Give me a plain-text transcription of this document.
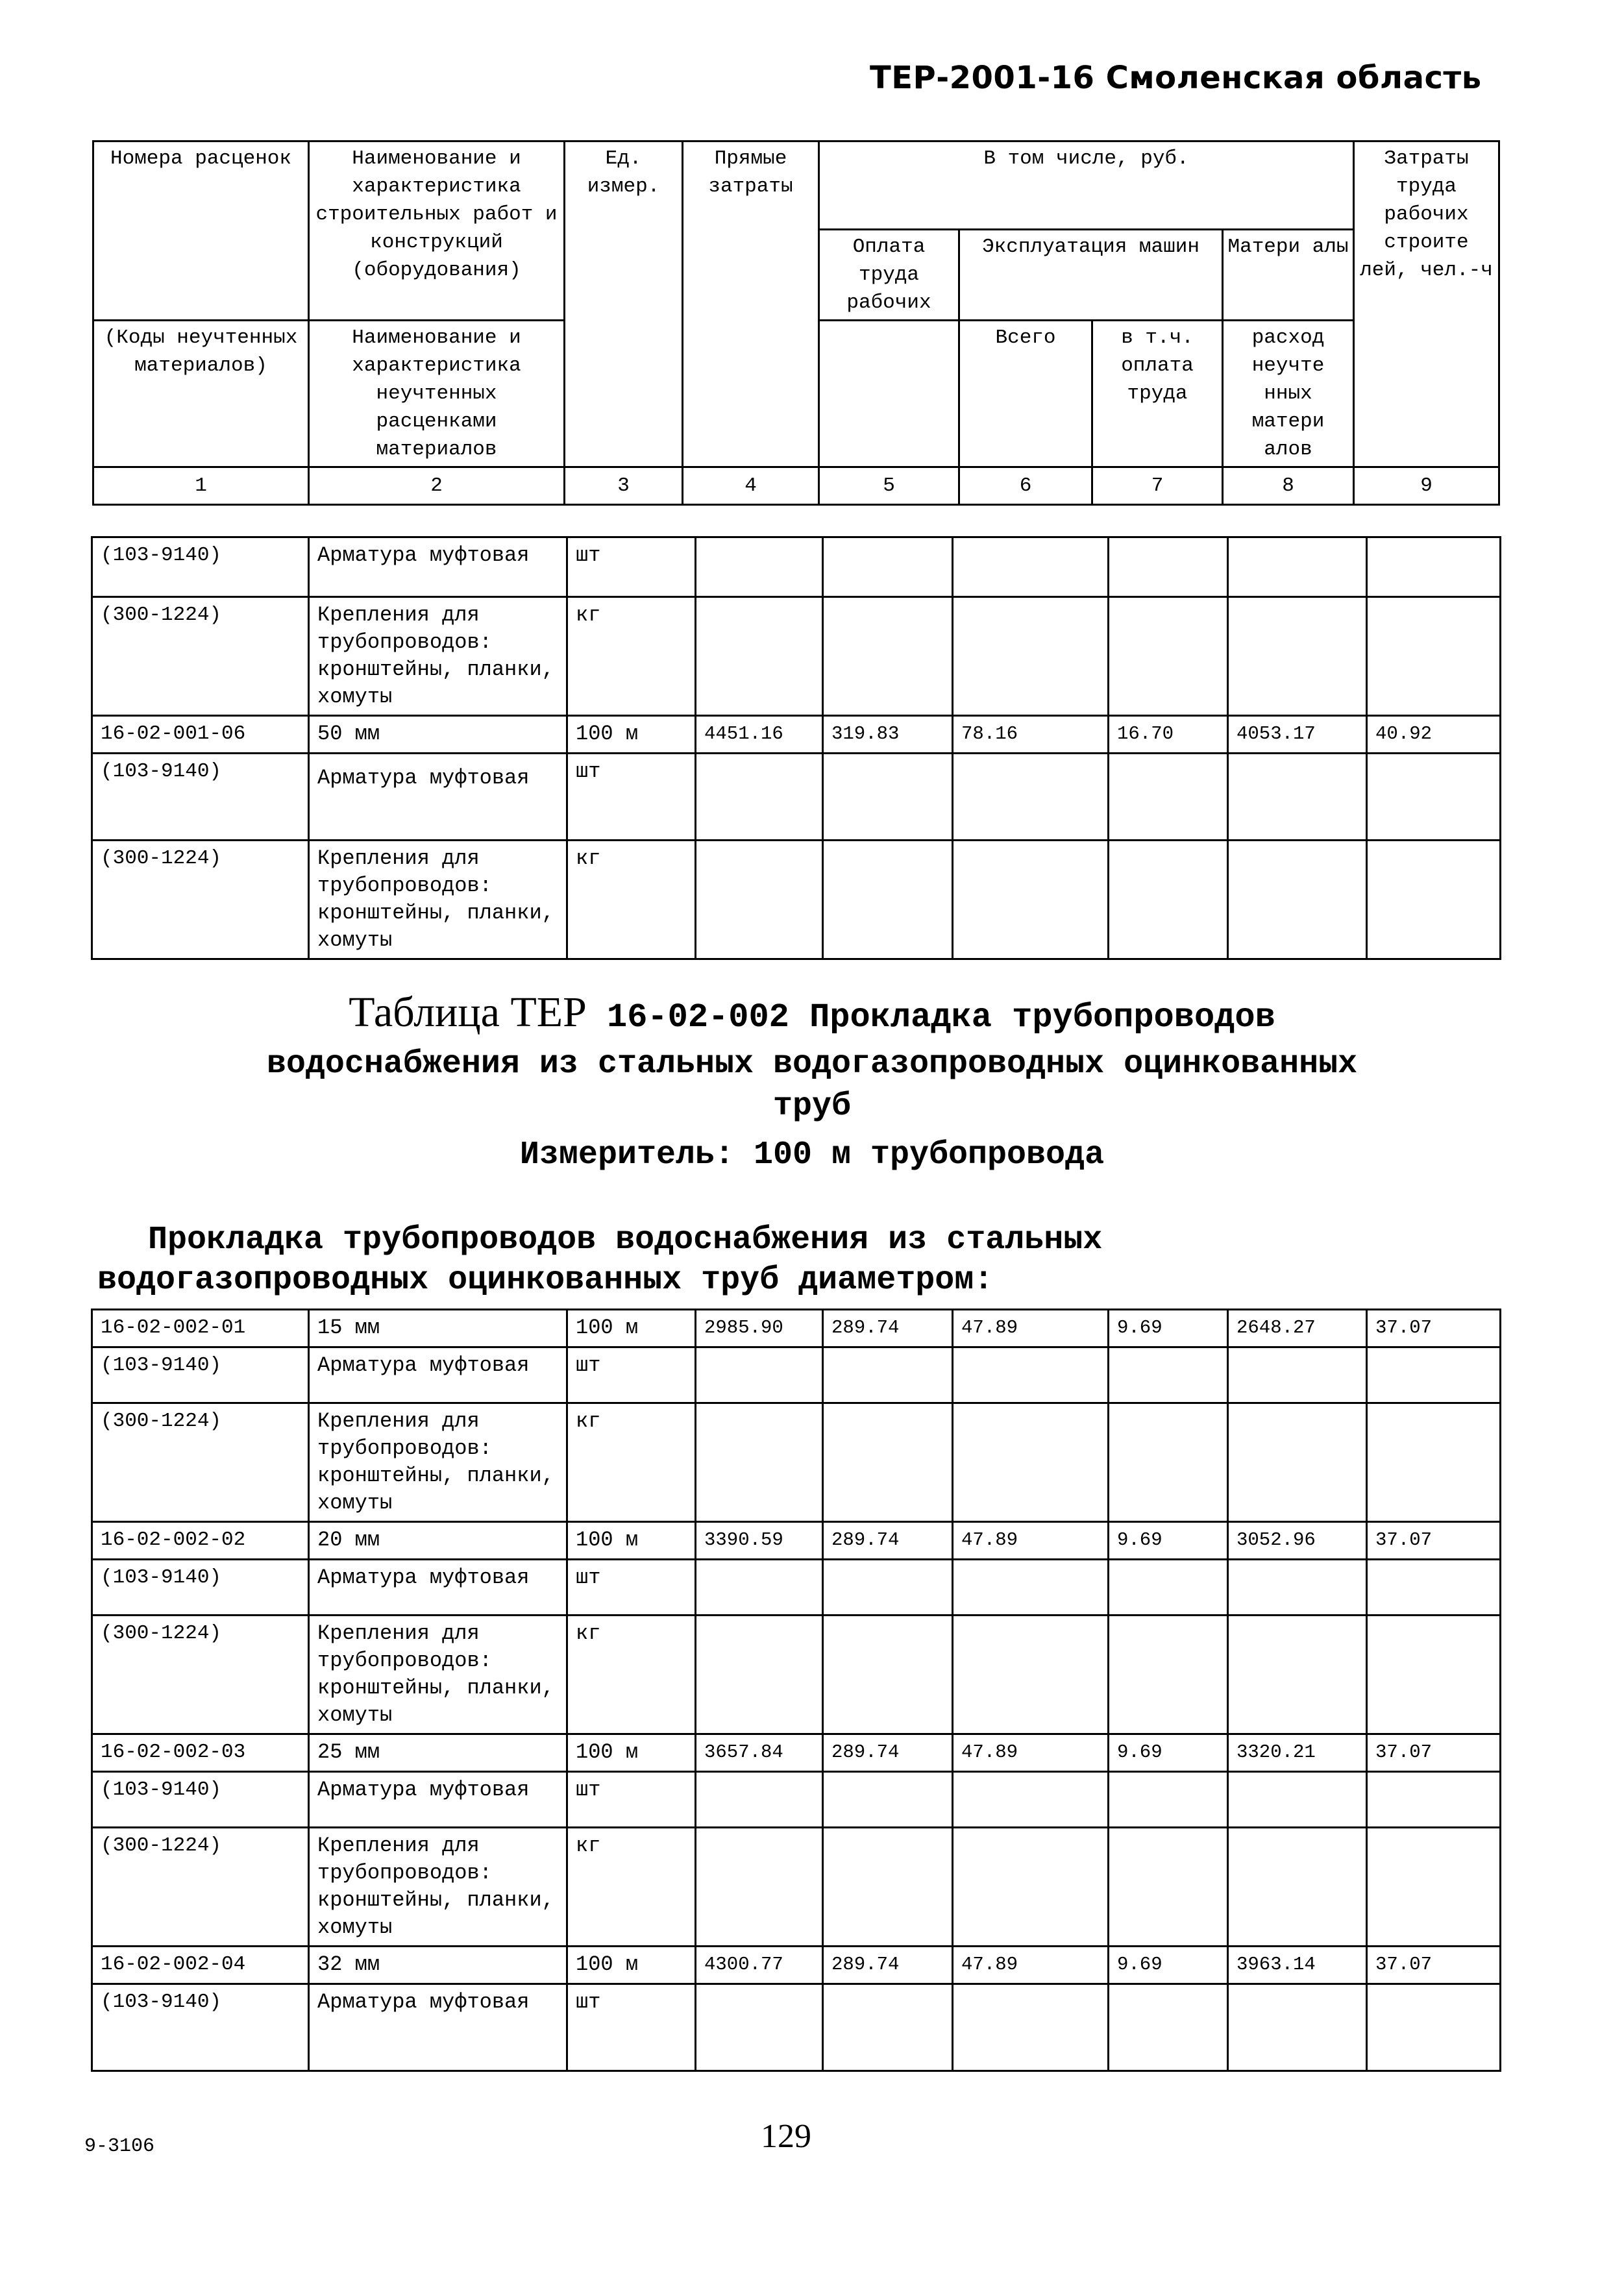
ТЕР-2001-16 Смоленская область
Номера расценок	Наименование и характеристика строительных работ и конструкций (оборудования)	Ед. измер.	Прямые затраты	В том числе, руб.				Затраты труда рабочих строите лей, чел.-ч
				Оплата труда рабочих	Эксплуатация машин		Матери алы	

(Коды неучтенных материалов)	Наименование и характеристика неучтенных расценками материалов				Всего	в т.ч. оплата труда	расход неучте нных матери алов	

1	2	3	4	5	6	7	8	9
(103-9140)	Арматура муфтовая	шт						
(300-1224)	Крепления для трубопроводов: кронштейны, планки, хомуты	кг						
16-02-001-06	50 мм	100 м	4451.16	319.83	78.16	16.70	4053.17	40.92
(103-9140)	Арматура муфтовая	шт						
(300-1224)	Крепления для трубопроводов: кронштейны, планки, хомуты	кг						
Таблица ТЕР 16-02-002 Прокладка трубопроводов
водоснабжения из стальных водогазопроводных оцинкованных
труб
Измеритель: 100 м трубопровода
Прокладка трубопроводов водоснабжения из стальных
водогазопроводных оцинкованных труб диаметром:
16-02-002-01	15 мм	100 м	2985.90	289.74	47.89	9.69	2648.27	37.07
(103-9140)	Арматура муфтовая	шт						
(300-1224)	Крепления для трубопроводов: кронштейны, планки, хомуты	кг						
16-02-002-02	20 мм	100 м	3390.59	289.74	47.89	9.69	3052.96	37.07
(103-9140)	Арматура муфтовая	шт						
(300-1224)	Крепления для трубопроводов: кронштейны, планки, хомуты	кг						
16-02-002-03	25 мм	100 м	3657.84	289.74	47.89	9.69	3320.21	37.07
(103-9140)	Арматура муфтовая	шт						
(300-1224)	Крепления для трубопроводов: кронштейны, планки, хомуты	кг						
16-02-002-04	32 мм	100 м	4300.77	289.74	47.89	9.69	3963.14	37.07
(103-9140)	Арматура муфтовая	шт						
9-3106	129
